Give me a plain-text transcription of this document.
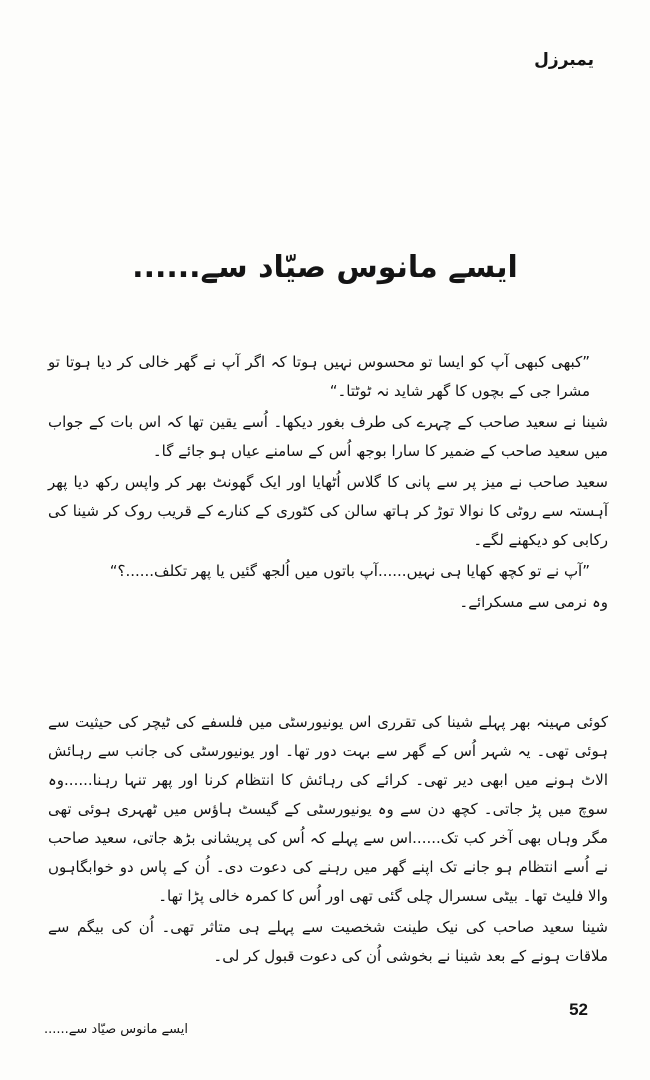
یمبرزل
ایسے مانوس صیّاد سے......

”کبھی کبھی آپ کو ایسا تو محسوس نہیں ہوتا کہ اگر آپ نے گھر خالی کر دیا ہوتا تو مشرا جی کے بچوں کا گھر شاید نہ ٹوٹتا۔“

شینا نے سعید صاحب کے چہرے کی طرف بغور دیکھا۔ اُسے یقین تھا کہ اس بات کے جواب میں سعید صاحب کے ضمیر کا سارا بوجھ اُس کے سامنے عیاں ہو جائے گا۔

سعید صاحب نے میز پر سے پانی کا گلاس اُٹھایا اور ایک گھونٹ بھر کر واپس رکھ دیا پھر آہستہ سے روٹی کا نوالا توڑ کر ہاتھ سالن کی کٹوری کے کنارے کے قریب روک کر شینا کی رکابی کو دیکھنے لگے۔

”آپ نے تو کچھ کھایا ہی نہیں......آپ باتوں میں اُلجھ گئیں یا پھر تکلف......؟“

وہ نرمی سے مسکرائے۔

کوئی مہینہ بھر پہلے شینا کی تقرری اس یونیورسٹی میں فلسفے کی ٹیچر کی حیثیت سے ہوئی تھی۔ یہ شہر اُس کے گھر سے بہت دور تھا۔ اور یونیورسٹی کی جانب سے رہائش الاٹ ہونے میں ابھی دیر تھی۔ کرائے کی رہائش کا انتظام کرنا اور پھر تنہا رہنا......وہ سوچ میں پڑ جاتی۔ کچھ دن سے وہ یونیورسٹی کے گیسٹ ہاؤس میں ٹھہری ہوئی تھی مگر وہاں بھی آخر کب تک......اس سے پہلے کہ اُس کی پریشانی بڑھ جاتی، سعید صاحب نے اُسے انتظام ہو جانے تک اپنے گھر میں رہنے کی دعوت دی۔ اُن کے پاس دو خوابگاہوں والا فلیٹ تھا۔ بیٹی سسرال چلی گئی تھی اور اُس کا کمرہ خالی پڑا تھا۔

شینا سعید صاحب کی نیک طینت شخصیت سے پہلے ہی متاثر تھی۔ اُن کی بیگم سے ملاقات ہونے کے بعد شینا نے بخوشی اُن کی دعوت قبول کر لی۔

52
ایسے مانوس صیّاد سے......
